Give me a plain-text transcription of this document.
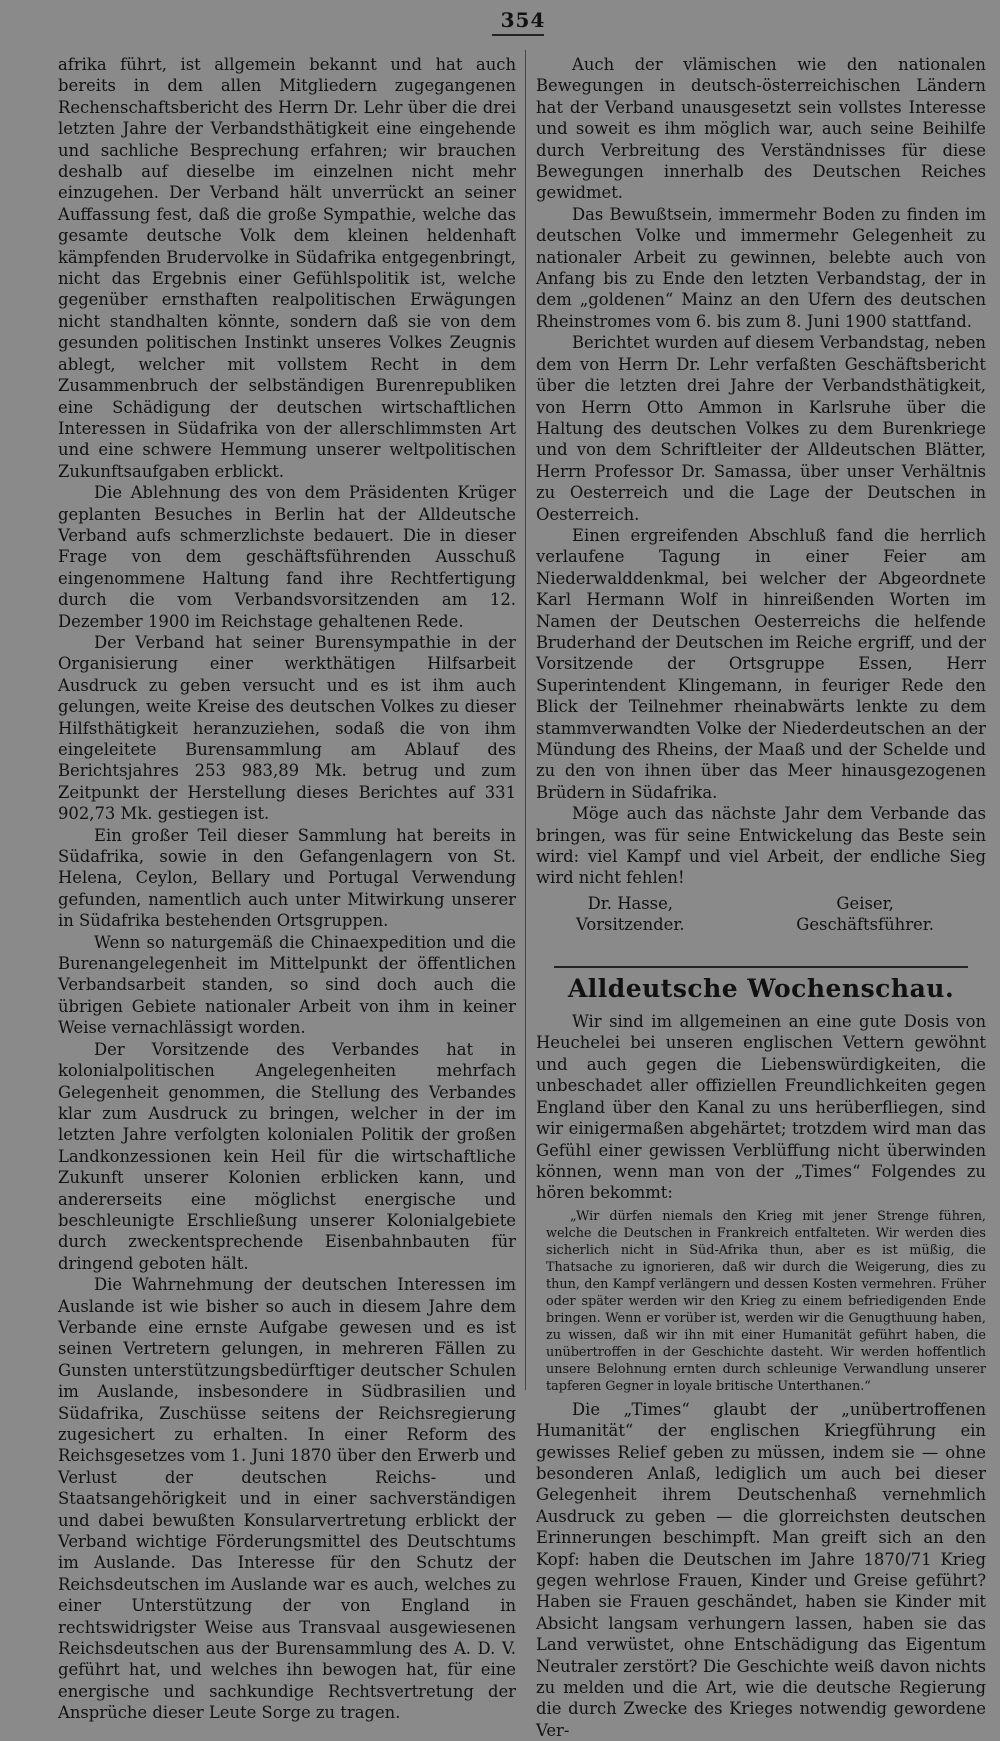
354

afrika führt, ist allgemein bekannt und hat auch bereits in dem allen Mitgliedern zugegangenen Rechenschaftsbericht des Herrn Dr. Lehr über die drei letzten Jahre der Verbandsthätigkeit eine eingehende und sachliche Besprechung erfahren; wir brauchen deshalb auf dieselbe im einzelnen nicht mehr einzugehen. Der Verband hält unverrückt an seiner Auffassung fest, daß die große Sympathie, welche das gesamte deutsche Volk dem kleinen heldenhaft kämpfenden Brudervolke in Südafrika entgegenbringt, nicht das Ergebnis einer Gefühlspolitik ist, welche gegenüber ernsthaften realpolitischen Erwägungen nicht standhalten könnte, sondern daß sie von dem gesunden politischen Instinkt unseres Volkes Zeugnis ablegt, welcher mit vollstem Recht in dem Zusammenbruch der selbständigen Burenrepubliken eine Schädigung der deutschen wirtschaftlichen Interessen in Südafrika von der allerschlimmsten Art und eine schwere Hemmung unserer weltpolitischen Zukunftsaufgaben erblickt.

Die Ablehnung des von dem Präsidenten Krüger geplanten Besuches in Berlin hat der Alldeutsche Verband aufs schmerzlichste bedauert. Die in dieser Frage von dem geschäftsführenden Ausschuß eingenommene Haltung fand ihre Rechtfertigung durch die vom Verbandsvorsitzenden am 12. Dezember 1900 im Reichstage gehaltenen Rede.

Der Verband hat seiner Burensympathie in der Organisierung einer werkthätigen Hilfsarbeit Ausdruck zu geben versucht und es ist ihm auch gelungen, weite Kreise des deutschen Volkes zu dieser Hilfsthätigkeit heranzuziehen, sodaß die von ihm eingeleitete Burensammlung am Ablauf des Berichtsjahres 253 983,89 Mk. betrug und zum Zeitpunkt der Herstellung dieses Berichtes auf 331 902,73 Mk. gestiegen ist.

Ein großer Teil dieser Sammlung hat bereits in Südafrika, sowie in den Gefangenlagern von St. Helena, Ceylon, Bellary und Portugal Verwendung gefunden, namentlich auch unter Mitwirkung unserer in Südafrika bestehenden Ortsgruppen.

Wenn so naturgemäß die Chinaexpedition und die Burenangelegenheit im Mittelpunkt der öffentlichen Verbandsarbeit standen, so sind doch auch die übrigen Gebiete nationaler Arbeit von ihm in keiner Weise vernachlässigt worden.

Der Vorsitzende des Verbandes hat in kolonialpolitischen Angelegenheiten mehrfach Gelegenheit genommen, die Stellung des Verbandes klar zum Ausdruck zu bringen, welcher in der im letzten Jahre verfolgten kolonialen Politik der großen Landkonzessionen kein Heil für die wirtschaftliche Zukunft unserer Kolonien erblicken kann, und andererseits eine möglichst energische und beschleunigte Erschließung unserer Kolonialgebiete durch zweckentsprechende Eisenbahnbauten für dringend geboten hält.

Die Wahrnehmung der deutschen Interessen im Auslande ist wie bisher so auch in diesem Jahre dem Verbande eine ernste Aufgabe gewesen und es ist seinen Vertretern gelungen, in mehreren Fällen zu Gunsten unterstützungsbedürftiger deutscher Schulen im Auslande, insbesondere in Südbrasilien und Südafrika, Zuschüsse seitens der Reichsregierung zugesichert zu erhalten. In einer Reform des Reichsgesetzes vom 1. Juni 1870 über den Erwerb und Verlust der deutschen Reichs- und Staatsangehörigkeit und in einer sachverständigen und dabei bewußten Konsularvertretung erblickt der Verband wichtige Förderungsmittel des Deutschtums im Auslande. Das Interesse für den Schutz der Reichsdeutschen im Auslande war es auch, welches zu einer Unterstützung der von England in rechtswidrigster Weise aus Transvaal ausgewiesenen Reichsdeutschen aus der Burensammlung des A. D. V. geführt hat, und welches ihn bewogen hat, für eine energische und sachkundige Rechtsvertretung der Ansprüche dieser Leute Sorge zu tragen.

Auch der vlämischen wie den nationalen Bewegungen in deutsch-österreichischen Ländern hat der Verband unausgesetzt sein vollstes Interesse und soweit es ihm möglich war, auch seine Beihilfe durch Verbreitung des Verständnisses für diese Bewegungen innerhalb des Deutschen Reiches gewidmet.

Das Bewußtsein, immermehr Boden zu finden im deutschen Volke und immermehr Gelegenheit zu nationaler Arbeit zu gewinnen, belebte auch von Anfang bis zu Ende den letzten Verbandstag, der in dem „goldenen“ Mainz an den Ufern des deutschen Rheinstromes vom 6. bis zum 8. Juni 1900 stattfand.

Berichtet wurden auf diesem Verbandstag, neben dem von Herrn Dr. Lehr verfaßten Geschäftsbericht über die letzten drei Jahre der Verbandsthätigkeit, von Herrn Otto Ammon in Karlsruhe über die Haltung des deutschen Volkes zu dem Burenkriege und von dem Schriftleiter der Alldeutschen Blätter, Herrn Professor Dr. Samassa, über unser Verhältnis zu Oesterreich und die Lage der Deutschen in Oesterreich.

Einen ergreifenden Abschluß fand die herrlich verlaufene Tagung in einer Feier am Niederwalddenkmal, bei welcher der Abgeordnete Karl Hermann Wolf in hinreißenden Worten im Namen der Deutschen Oesterreichs die helfende Bruderhand der Deutschen im Reiche ergriff, und der Vorsitzende der Ortsgruppe Essen, Herr Superintendent Klingemann, in feuriger Rede den Blick der Teilnehmer rheinabwärts lenkte zu dem stammverwandten Volke der Niederdeutschen an der Mündung des Rheins, der Maaß und der Schelde und zu den von ihnen über das Meer hinausgezogenen Brüdern in Südafrika.

Möge auch das nächste Jahr dem Verbande das bringen, was für seine Entwickelung das Beste sein wird: viel Kampf und viel Arbeit, der endliche Sieg wird nicht fehlen!

Dr. Hasse,
Vorsitzender.
Geiser,
Geschäftsführer.
Alldeutsche Wochenschau.

Wir sind im allgemeinen an eine gute Dosis von Heuchelei bei unseren englischen Vettern gewöhnt und auch gegen die Liebenswürdigkeiten, die unbeschadet aller offiziellen Freundlichkeiten gegen England über den Kanal zu uns herüberfliegen, sind wir einigermaßen abgehärtet; trotzdem wird man das Gefühl einer gewissen Verblüffung nicht überwinden können, wenn man von der „Times“ Folgendes zu hören bekommt:

„Wir dürfen niemals den Krieg mit jener Strenge führen, welche die Deutschen in Frankreich entfalteten. Wir werden dies sicherlich nicht in Süd-Afrika thun, aber es ist müßig, die Thatsache zu ignorieren, daß wir durch die Weigerung, dies zu thun, den Kampf verlängern und dessen Kosten vermehren. Früher oder später werden wir den Krieg zu einem befriedigenden Ende bringen. Wenn er vorüber ist, werden wir die Genugthuung haben, zu wissen, daß wir ihn mit einer Humanität geführt haben, die unübertroffen in der Geschichte dasteht. Wir werden hoffentlich unsere Belohnung ernten durch schleunige Verwandlung unserer tapferen Gegner in loyale britische Unterthanen.“

Die „Times“ glaubt der „unübertroffenen Humanität“ der englischen Kriegführung ein gewisses Relief geben zu müssen, indem sie — ohne besonderen Anlaß, lediglich um auch bei dieser Gelegenheit ihrem Deutschenhaß vernehmlich Ausdruck zu geben — die glorreichsten deutschen Erinnerungen beschimpft. Man greift sich an den Kopf: haben die Deutschen im Jahre 1870/71 Krieg gegen wehrlose Frauen, Kinder und Greise geführt? Haben sie Frauen geschändet, haben sie Kinder mit Absicht langsam verhungern lassen, haben sie das Land verwüstet, ohne Entschädigung das Eigentum Neutraler zerstört? Die Geschichte weiß davon nichts zu melden und die Art, wie die deutsche Regierung die durch Zwecke des Krieges notwendig gewordene Ver-
